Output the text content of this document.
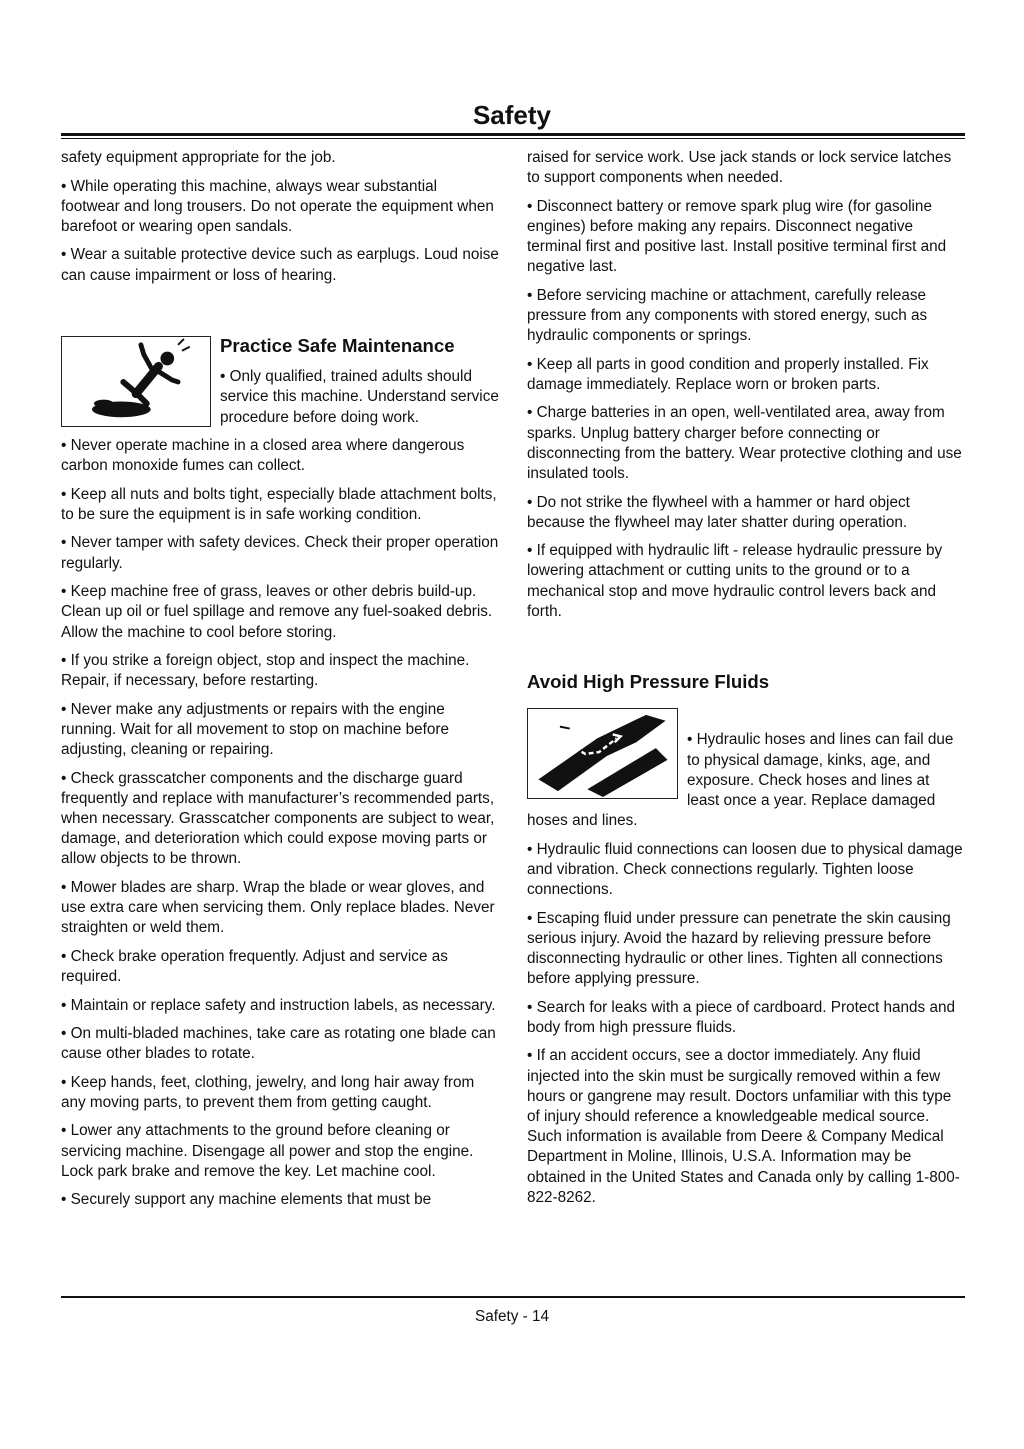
Safety

safety equipment appropriate for the job.

• While operating this machine, always wear substantial footwear and long trousers. Do not operate the equipment when barefoot or wearing open sandals.

• Wear a suitable protective device such as earplugs. Loud noise can cause impairment or loss of hearing.

Practice Safe Maintenance

• Only qualified, trained adults should service this machine. Understand service procedure before doing work.

• Never operate machine in a closed area where dangerous carbon monoxide fumes can collect.

• Keep all nuts and bolts tight, especially blade attachment bolts, to be sure the equipment is in safe working condition.

• Never tamper with safety devices. Check their proper operation regularly.

• Keep machine free of grass, leaves or other debris build-up. Clean up oil or fuel spillage and remove any fuel-soaked debris. Allow the machine to cool before storing.

• If you strike a foreign object, stop and inspect the machine. Repair, if necessary, before restarting.

• Never make any adjustments or repairs with the engine running. Wait for all movement to stop on machine before adjusting, cleaning or repairing.

• Check grasscatcher components and the discharge guard frequently and replace with manufacturer’s recommended parts, when necessary. Grasscatcher components are subject to wear, damage, and deterioration which could expose moving parts or allow objects to be thrown.

• Mower blades are sharp. Wrap the blade or wear gloves, and use extra care when servicing them. Only replace blades. Never straighten or weld them.

• Check brake operation frequently. Adjust and service as required.

• Maintain or replace safety and instruction labels, as necessary.

• On multi-bladed machines, take care as rotating one blade can cause other blades to rotate.

• Keep hands, feet, clothing, jewelry, and long hair away from any moving parts, to prevent them from getting caught.

• Lower any attachments to the ground before cleaning or servicing machine. Disengage all power and stop the engine. Lock park brake and remove the key. Let machine cool.

• Securely support any machine elements that must be

raised for service work. Use jack stands or lock service latches to support components when needed.

• Disconnect battery or remove spark plug wire (for gasoline engines) before making any repairs. Disconnect negative terminal first and positive last. Install positive terminal first and negative last.

• Before servicing machine or attachment, carefully release pressure from any components with stored energy, such as hydraulic components or springs.

• Keep all parts in good condition and properly installed. Fix damage immediately. Replace worn or broken parts.

• Charge batteries in an open, well-ventilated area, away from sparks. Unplug battery charger before connecting or disconnecting from the battery. Wear protective clothing and use insulated tools.

• Do not strike the flywheel with a hammer or hard object because the flywheel may later shatter during operation.

• If equipped with hydraulic lift - release hydraulic pressure by lowering attachment or cutting units to the ground or to a mechanical stop and move hydraulic control levers back and forth.

Avoid High Pressure Fluids

• Hydraulic hoses and lines can fail due to physical damage, kinks, age, and exposure. Check hoses and lines at least once a year. Replace damaged hoses and lines.

• Hydraulic fluid connections can loosen due to physical damage and vibration. Check connections regularly. Tighten loose connections.

• Escaping fluid under pressure can penetrate the skin causing serious injury. Avoid the hazard by relieving pressure before disconnecting hydraulic or other lines. Tighten all connections before applying pressure.

• Search for leaks with a piece of cardboard. Protect hands and body from high pressure fluids.

• If an accident occurs, see a doctor immediately. Any fluid injected into the skin must be surgically removed within a few hours or gangrene may result. Doctors unfamiliar with this type of injury should reference a knowledgeable medical source. Such information is available from Deere & Company Medical Department in Moline, Illinois, U.S.A. Information may be obtained in the United States and Canada only by calling 1-800-822-8262.

Safety - 14
